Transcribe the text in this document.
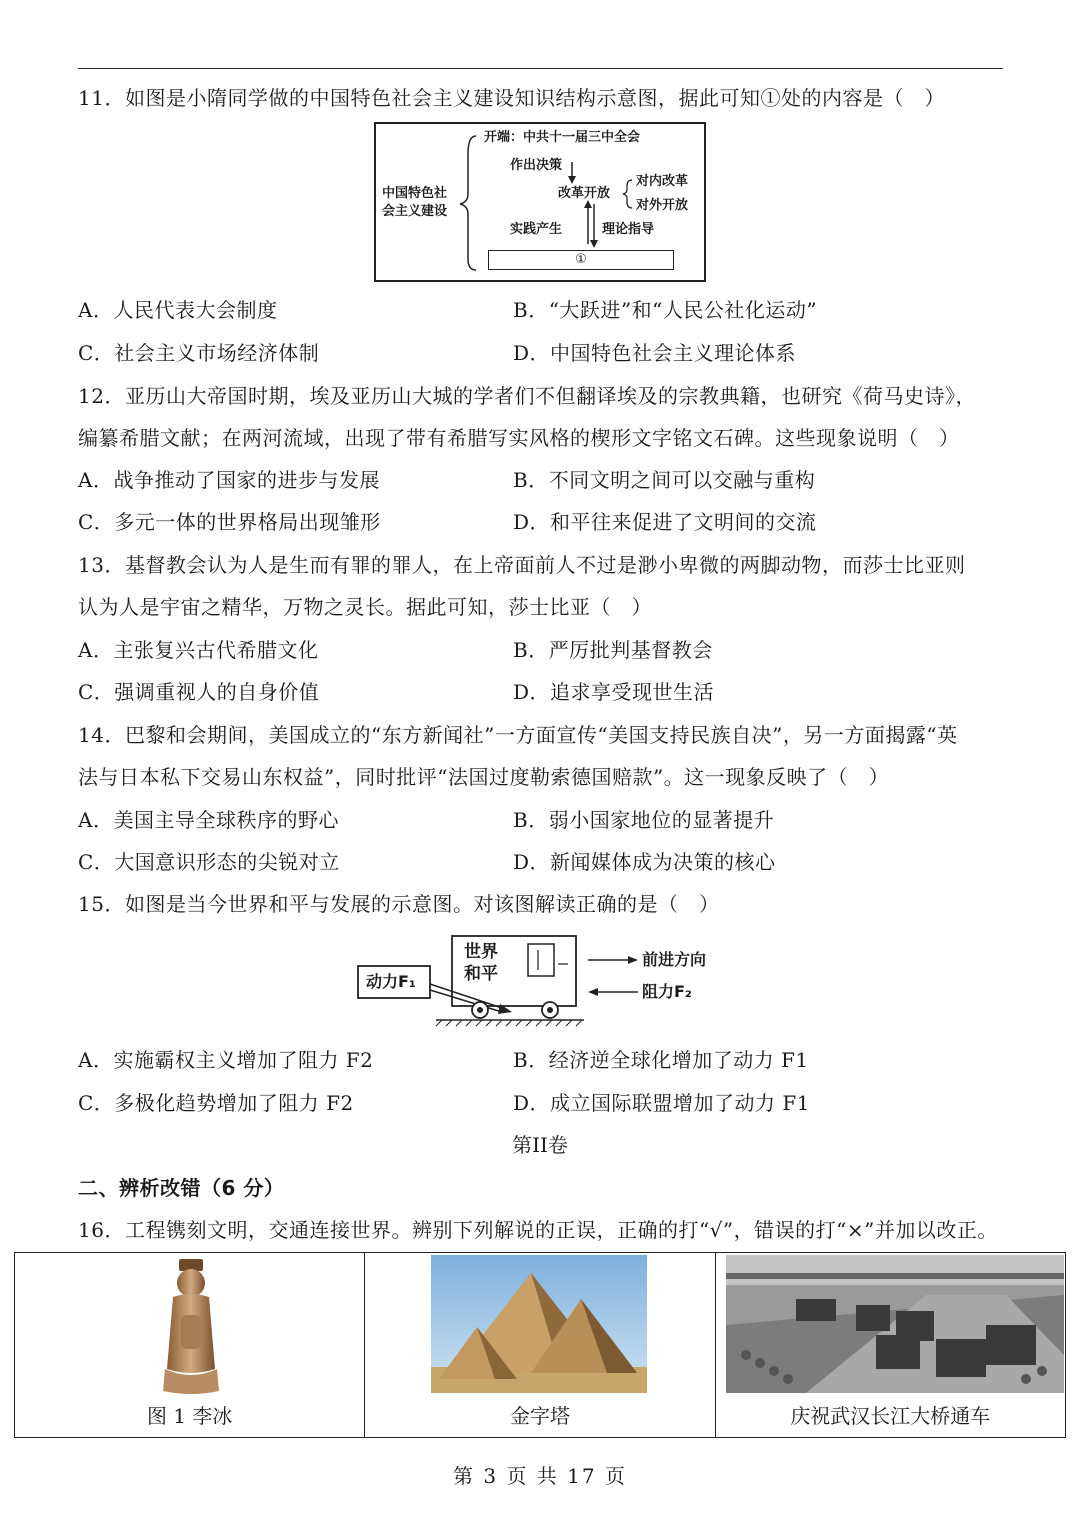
11．如图是小隋同学做的中国特色社会主义建设知识结构示意图，据此可知①处的内容是（　）
中国特色社
会主义建设
开端：中共十一届三中全会
作出决策
改革开放
对内改革
对外开放
实践产生	理论指导
①
A．人民代表大会制度	B．“大跃进”和“人民公社化运动”
C．社会主义市场经济体制	D．中国特色社会主义理论体系
12．亚历山大帝国时期，埃及亚历山大城的学者们不但翻译埃及的宗教典籍，也研究《荷马史诗》，
编纂希腊文献；在两河流域，出现了带有希腊写实风格的楔形文字铭文石碑。这些现象说明（　）
A．战争推动了国家的进步与发展	B．不同文明之间可以交融与重构
C．多元一体的世界格局出现雏形	D．和平往来促进了文明间的交流
13．基督教会认为人是生而有罪的罪人，在上帝面前人不过是渺小卑微的两脚动物，而莎士比亚则
认为人是宇宙之精华，万物之灵长。据此可知，莎士比亚（　）
A．主张复兴古代希腊文化	B．严厉批判基督教会
C．强调重视人的自身价值	D．追求享受现世生活
14．巴黎和会期间，美国成立的“东方新闻社”一方面宣传“美国支持民族自决”，另一方面揭露“英
法与日本私下交易山东权益”，同时批评“法国过度勒索德国赔款”。这一现象反映了（　）
A．美国主导全球秩序的野心	B．弱小国家地位的显著提升
C．大国意识形态的尖锐对立	D．新闻媒体成为决策的核心
15．如图是当今世界和平与发展的示意图。对该图解读正确的是（　）
世界
和平
动力F₁
前进方向
阻力F₂
A．实施霸权主义增加了阻力 F2	B．经济逆全球化增加了动力 F1
C．多极化趋势增加了阻力 F2	D．成立国际联盟增加了动力 F1
第II卷
二、辨析改错（6 分）
16．工程镌刻文明，交通连接世界。辨别下列解说的正误，正确的打“√”，错误的打“×”并加以改正。
图 1 李冰	金字塔	庆祝武汉长江大桥通车
第 3 页 共 17 页
